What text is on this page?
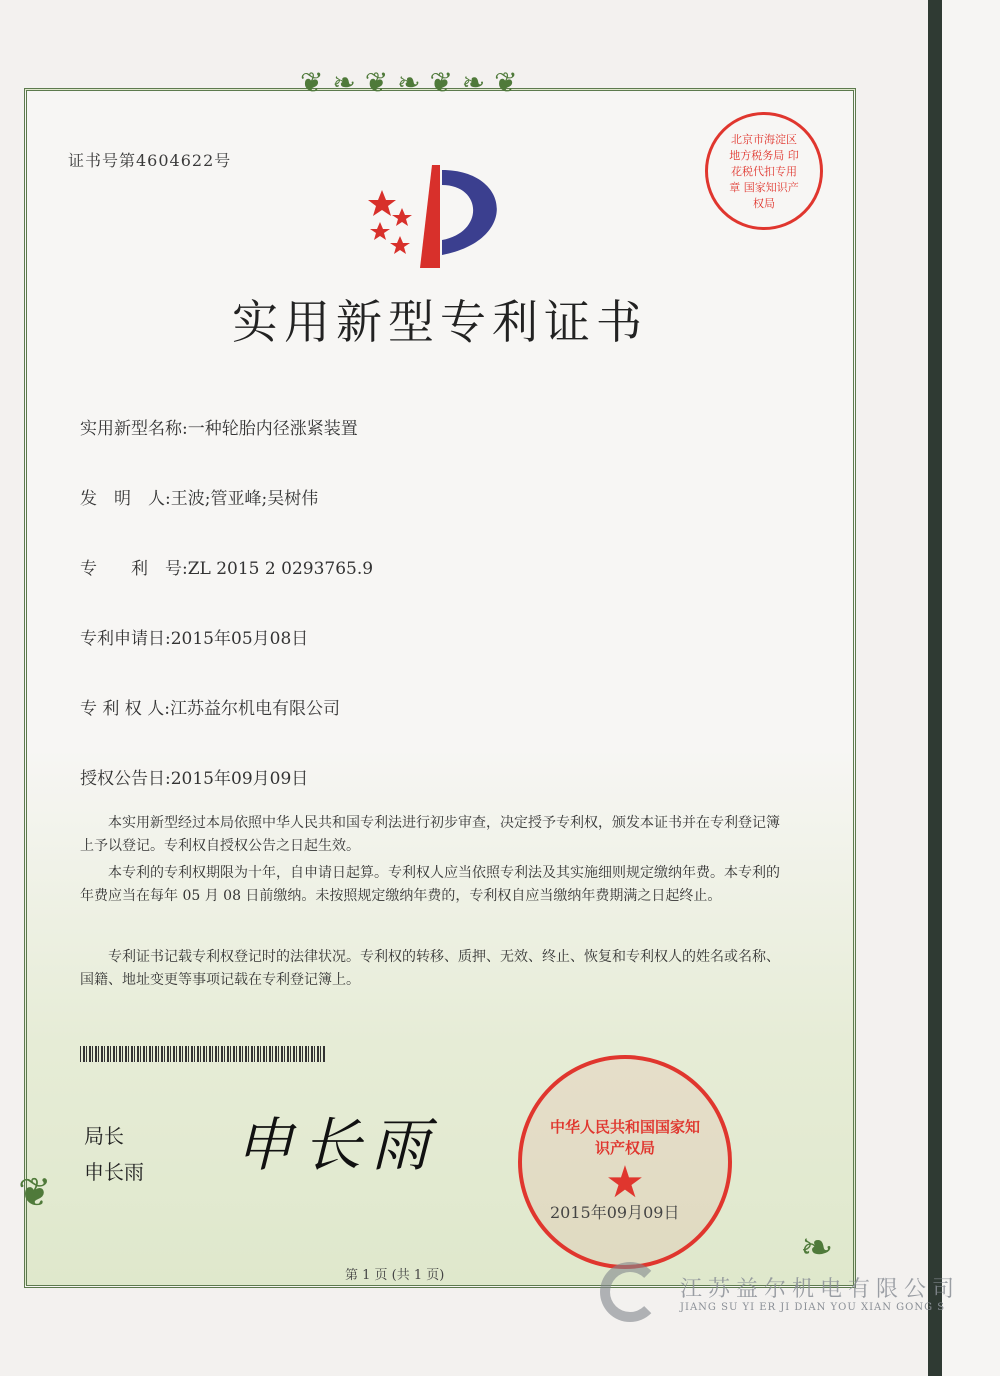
❦ ❧ ❦ ❧ ❦ ❧ ❦
❦
❧
证书号第4604622号
北京市海淀区地方税务局 印花税代扣专用章 国家知识产权局
实用新型专利证书
实用新型名称:一种轮胎内径涨紧装置
发　明　人:王波;管亚峰;吴树伟
专　　利　号:ZL 2015 2 0293765.9
专利申请日:2015年05月08日
专 利 权 人:江苏益尔机电有限公司
授权公告日:2015年09月09日
本实用新型经过本局依照中华人民共和国专利法进行初步审查，决定授予专利权，颁发本证书并在专利登记簿上予以登记。专利权自授权公告之日起生效。
本专利的专利权期限为十年，自申请日起算。专利权人应当依照专利法及其实施细则规定缴纳年费。本专利的年费应当在每年 05 月 08 日前缴纳。未按照规定缴纳年费的，专利权自应当缴纳年费期满之日起终止。
专利证书记载专利权登记时的法律状况。专利权的转移、质押、无效、终止、恢复和专利权人的姓名或名称、国籍、地址变更等事项记载在专利登记簿上。
局长
申长雨 申长雨	中华人民共和国国家知识产权局
★
2015年09月09日
第 1 页 (共 1 页)
江苏益尔机电有限公司
JIANG SU YI ER JI DIAN YOU XIAN GONG S
